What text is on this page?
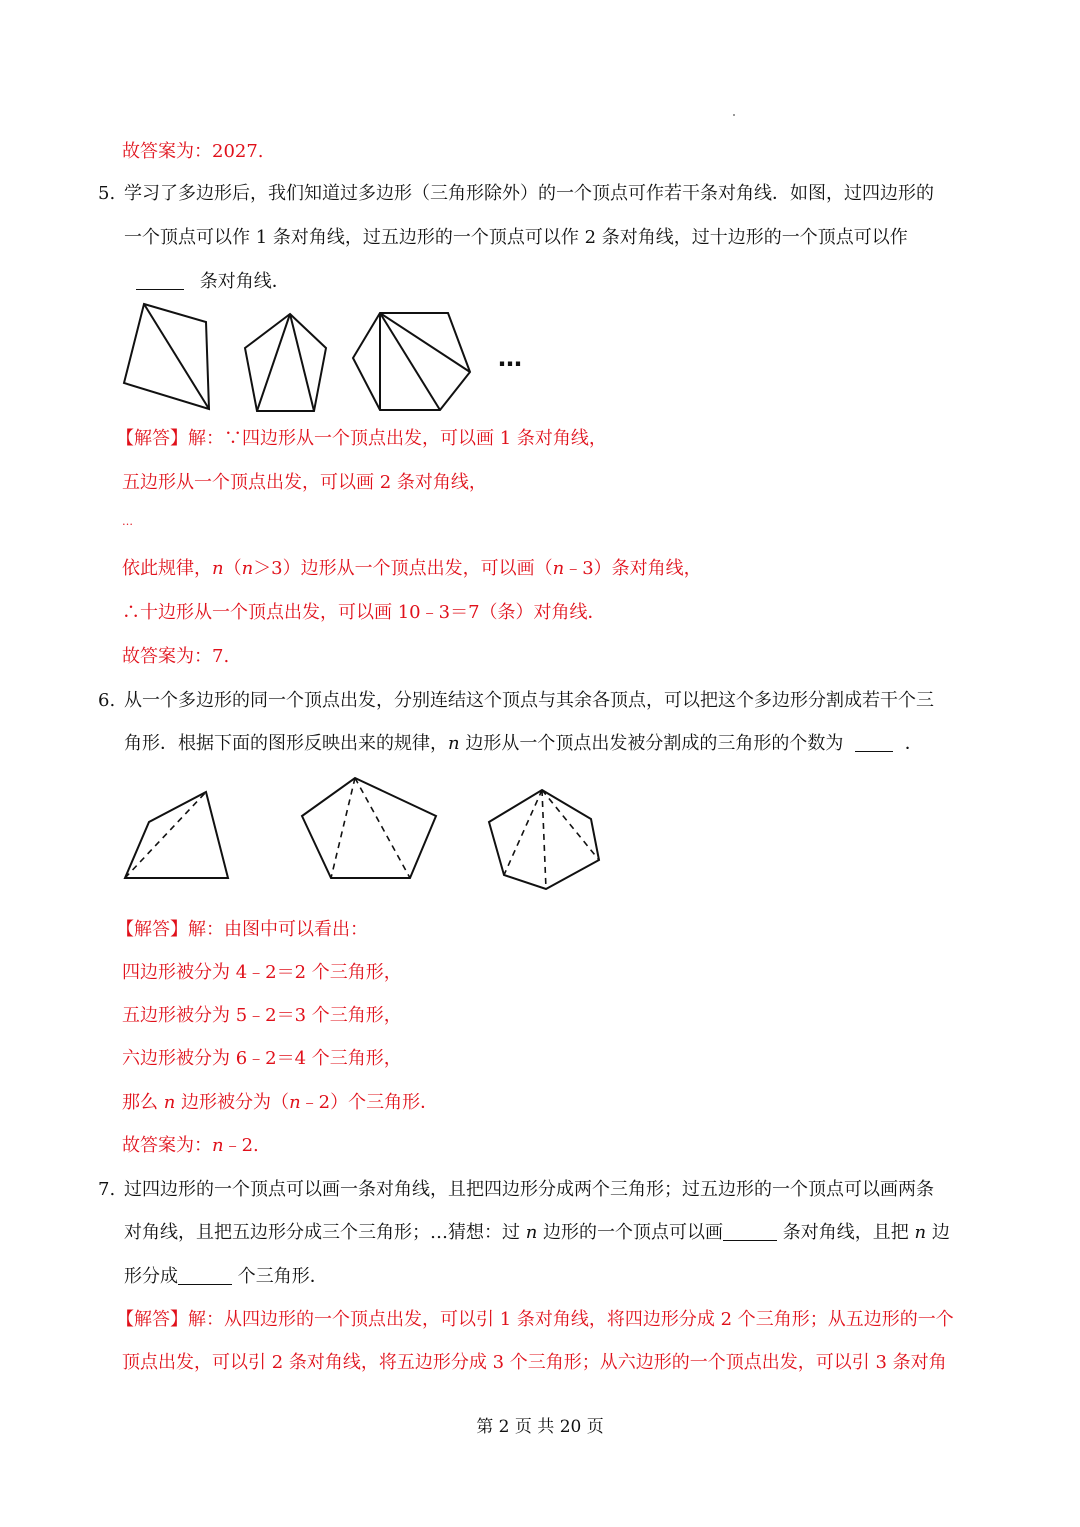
故答案为：2027.
5. 学习了多边形后，我们知道过多边形（三角形除外）的一个顶点可作若干条对角线．如图，过四边形的
一个顶点可以作 1 条对角线，过五边形的一个顶点可以作 2 条对角线，过十边形的一个顶点可以作
条对角线．
…
【解答】解：∵四边形从一个顶点出发，可以画 1 条对角线，
五边形从一个顶点出发，可以画 2 条对角线，
…
依此规律，n（n＞3）边形从一个顶点出发，可以画（n﹣3）条对角线，
∴十边形从一个顶点出发，可以画 10﹣3＝7（条）对角线．
故答案为：7.
6. 从一个多边形的同一个顶点出发，分别连结这个顶点与其余各顶点，可以把这个多边形分割成若干个三
角形．根据下面的图形反映出来的规律，n 边形从一个顶点出发被分割成的三角形的个数为	．
【解答】解：由图中可以看出：
四边形被分为 4﹣2＝2 个三角形，
五边形被分为 5﹣2＝3 个三角形，
六边形被分为 6﹣2＝4 个三角形，
那么 n 边形被分为（n﹣2）个三角形．
故答案为：n﹣2.
7. 过四边形的一个顶点可以画一条对角线，且把四边形分成两个三角形；过五边形的一个顶点可以画两条
对角线，且把五边形分成三个三角形；…猜想：过 n 边形的一个顶点可以画	条对角线，且把 n 边
形分成	个三角形．
【解答】解：从四边形的一个顶点出发，可以引 1 条对角线，将四边形分成 2 个三角形；从五边形的一个
顶点出发，可以引 2 条对角线，将五边形分成 3 个三角形；从六边形的一个顶点出发，可以引 3 条对角
第 2 页 共 20 页
